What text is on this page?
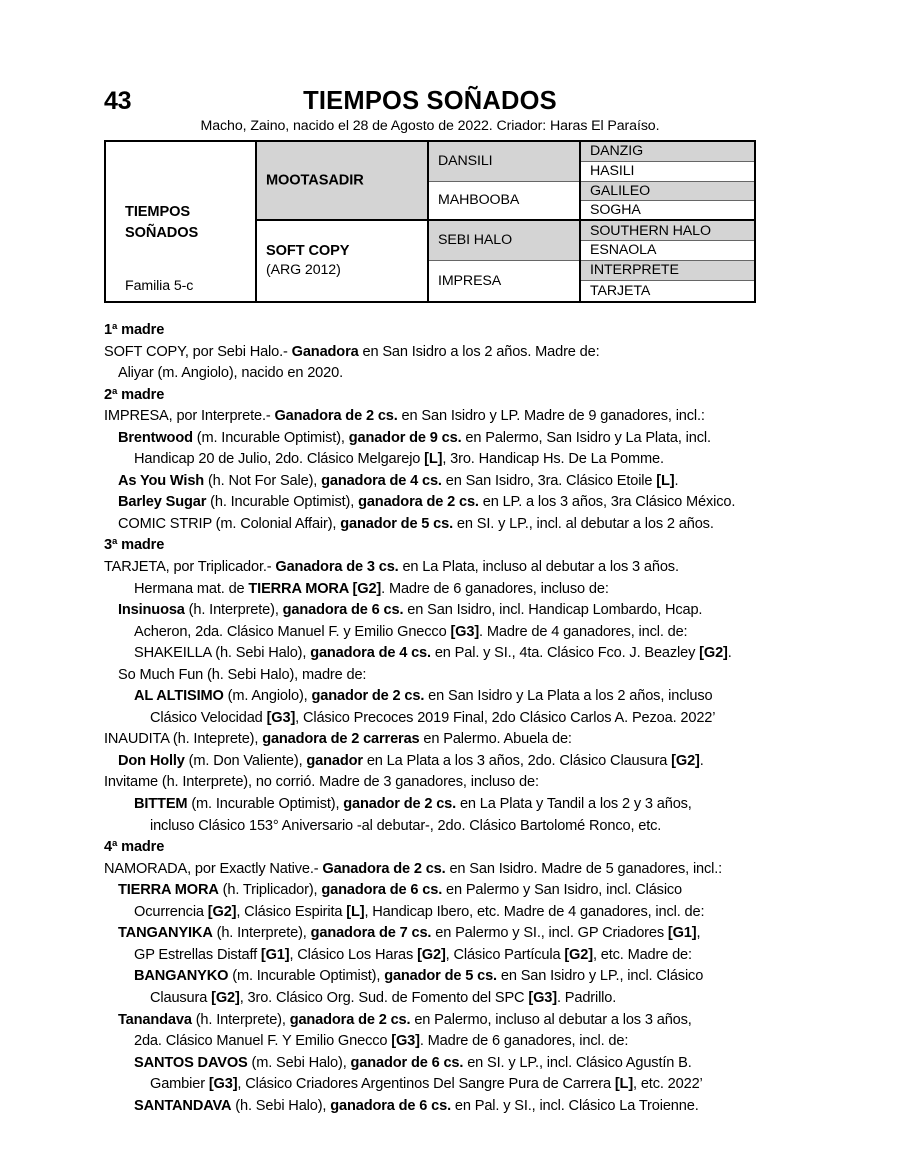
43	TIEMPOS SOÑADOS
Macho, Zaino, nacido el 28 de Agosto de 2022. Criador: Haras El Paraíso.
TIEMPOS
SOÑADOS
Familia 5-c
MOOTASADIR
SOFT COPY
(ARG 2012)
DANSILI
MAHBOOBA
SEBI HALO
IMPRESA
DANZIG
HASILI
GALILEO
SOGHA
SOUTHERN HALO
ESNAOLA
INTERPRETE
TARJETA
1ª madre
SOFT COPY, por Sebi Halo.- Ganadora en San Isidro a los 2 años. Madre de:
Aliyar (m. Angiolo), nacido en 2020.
2ª madre
IMPRESA, por Interprete.- Ganadora de 2 cs. en San Isidro y LP. Madre de 9 ganadores, incl.:
Brentwood (m. Incurable Optimist), ganador de 9 cs. en Palermo, San Isidro y La Plata, incl.
Handicap 20 de Julio, 2do. Clásico Melgarejo [L], 3ro. Handicap Hs. De La Pomme.
As You Wish (h. Not For Sale), ganadora de 4 cs. en San Isidro, 3ra. Clásico Etoile [L].
Barley Sugar (h. Incurable Optimist), ganadora de 2 cs. en LP. a los 3 años, 3ra Clásico México.
COMIC STRIP (m. Colonial Affair), ganador de 5 cs. en SI. y LP., incl. al debutar a los 2 años.
3ª madre
TARJETA, por Triplicador.- Ganadora de 3 cs. en La Plata, incluso al debutar a los 3 años.
Hermana mat. de TIERRA MORA [G2]. Madre de 6 ganadores, incluso de:
Insinuosa (h. Interprete), ganadora de 6 cs. en San Isidro, incl. Handicap Lombardo, Hcap.
Acheron, 2da. Clásico Manuel F. y Emilio Gnecco [G3]. Madre de 4 ganadores, incl. de:
SHAKEILLA (h. Sebi Halo), ganadora de 4 cs. en Pal. y SI., 4ta. Clásico Fco. J. Beazley [G2].
So Much Fun (h. Sebi Halo), madre de:
AL ALTISIMO (m. Angiolo), ganador de 2 cs. en San Isidro y La Plata a los 2 años, incluso
Clásico Velocidad [G3], Clásico Precoces 2019 Final, 2do Clásico Carlos A. Pezoa. 2022’
INAUDITA (h. Inteprete), ganadora de 2 carreras en Palermo. Abuela de:
Don Holly (m. Don Valiente), ganador en La Plata a los 3 años, 2do. Clásico Clausura [G2].
Invitame (h. Interprete), no corrió. Madre de 3 ganadores, incluso de:
BITTEM (m. Incurable Optimist), ganador de 2 cs. en La Plata y Tandil a los 2 y 3 años,
incluso Clásico 153° Aniversario -al debutar-, 2do. Clásico Bartolomé Ronco, etc.
4ª madre
NAMORADA, por Exactly Native.- Ganadora de 2 cs. en San Isidro. Madre de 5 ganadores, incl.:
TIERRA MORA (h. Triplicador), ganadora de 6 cs. en Palermo y San Isidro, incl. Clásico
Ocurrencia [G2], Clásico Espirita [L], Handicap Ibero, etc. Madre de 4 ganadores, incl. de:
TANGANYIKA (h. Interprete), ganadora de 7 cs. en Palermo y SI., incl. GP Criadores [G1],
GP Estrellas Distaff [G1], Clásico Los Haras [G2], Clásico Partícula [G2], etc. Madre de:
BANGANYKO (m. Incurable Optimist), ganador de 5 cs. en San Isidro y LP., incl. Clásico
Clausura [G2], 3ro. Clásico Org. Sud. de Fomento del SPC [G3]. Padrillo.
Tanandava (h. Interprete), ganadora de 2 cs. en Palermo, incluso al debutar a los 3 años,
2da. Clásico Manuel F. Y Emilio Gnecco [G3]. Madre de 6 ganadores, incl. de:
SANTOS DAVOS (m. Sebi Halo), ganador de 6 cs. en SI. y LP., incl. Clásico Agustín B.
Gambier [G3], Clásico Criadores Argentinos Del Sangre Pura de Carrera [L], etc. 2022’
SANTANDAVA (h. Sebi Halo), ganadora de 6 cs. en Pal. y SI., incl. Clásico La Troienne.
